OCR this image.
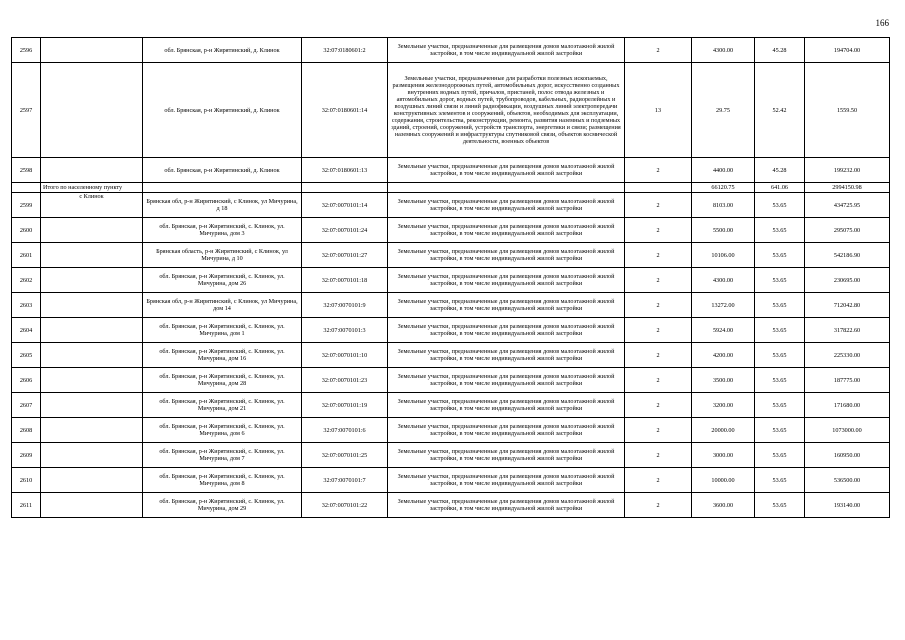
166
2596		обл. Брянская, р-н Жирятинский, д. Клинок	32:07:0180601:2	Земельные участки, предназначенные для размещения домов малоэтажной жилой застройки, в том числе индивидуальной жилой застройки	2	4300.00	45.28	194704.00
2597		обл. Брянская, р-н Жирятинский, д. Клинок	32:07:0180601:14	Земельные участки, предназначенные для разработки полезных ископаемых, размещения железнодорожных путей, автомобильных дорог, искусственно созданных внутренних водных путей, причалов, пристаней, полос отвода железных и автомобильных дорог, водных путей, трубопроводов, кабельных, радиорелейных и воздушных линий связи и линий радиофикации, воздушных линий электропередачи конструктивных элементов и сооружений, объектов, необходимых для эксплуатации, содержания, строительства, реконструкции, ремонта, развития наземных и подземных зданий, строений, сооружений, устройств транспорта, энергетики и связи; размещения наземных сооружений и инфраструктуры спутниковой связи, объектов космической деятельности, военных объектов	13	29.75	52.42	1559.50
2598		обл. Брянская, р-н Жирятинский, д. Клинок	32:07:0180601:13	Земельные участки, предназначенные для размещения домов малоэтажной жилой застройки, в том числе индивидуальной жилой застройки	2	4400.00	45.28	199232.00
	Итого по населенному пункту					66120.75	641.06	2994150.98
2599	с Клинок	Брянская обл, р-н Жирятинский, с Клинок, ул Мичурина, д 18	32:07:0070101:14	Земельные участки, предназначенные для размещения домов малоэтажной жилой застройки, в том числе индивидуальной жилой застройки	2	8103.00	53.65	434725.95
2600		обл. Брянская, р-н Жирятинский, с. Клинок, ул. Мичурина, дом 3	32:07:0070101:24	Земельные участки, предназначенные для размещения домов малоэтажной жилой застройки, в том числе индивидуальной жилой застройки	2	5500.00	53.65	295075.00
2601		Брянская область, р-н Жирятинский, с Клинок, ул Мичурина, д 10	32:07:0070101:27	Земельные участки, предназначенные для размещения домов малоэтажной жилой застройки, в том числе индивидуальной жилой застройки	2	10106.00	53.65	542186.90
2602		обл. Брянская, р-н Жирятинский, с. Клинок, ул. Мичурина, дом 26	32:07:0070101:18	Земельные участки, предназначенные для размещения домов малоэтажной жилой застройки, в том числе индивидуальной жилой застройки	2	4300.00	53.65	230695.00
2603		Брянская обл, р-н Жирятинский, с Клинок, ул Мичурина, дом 14	32:07:0070101:9	Земельные участки, предназначенные для размещения домов малоэтажной жилой застройки, в том числе индивидуальной жилой застройки	2	13272.00	53.65	712042.80
2604		обл. Брянская, р-н Жирятинский, с. Клинок, ул. Мичурина, дом 1	32:07:0070101:3	Земельные участки, предназначенные для размещения домов малоэтажной жилой застройки, в том числе индивидуальной жилой застройки	2	5924.00	53.65	317822.60
2605		обл. Брянская, р-н Жирятинский, с. Клинок, ул. Мичурина, дом 16	32:07:0070101:10	Земельные участки, предназначенные для размещения домов малоэтажной жилой застройки, в том числе индивидуальной жилой застройки	2	4200.00	53.65	225330.00
2606		обл. Брянская, р-н Жирятинский, с. Клинок, ул. Мичурина, дом 28	32:07:0070101:23	Земельные участки, предназначенные для размещения домов малоэтажной жилой застройки, в том числе индивидуальной жилой застройки	2	3500.00	53.65	187775.00
2607		обл. Брянская, р-н Жирятинский, с. Клинок, ул. Мичурина, дом 21	32:07:0070101:19	Земельные участки, предназначенные для размещения домов малоэтажной жилой застройки, в том числе индивидуальной жилой застройки	2	3200.00	53.65	171680.00
2608		обл. Брянская, р-н Жирятинский, с. Клинок, ул. Мичурина, дом 6	32:07:0070101:6	Земельные участки, предназначенные для размещения домов малоэтажной жилой застройки, в том числе индивидуальной жилой застройки	2	20000.00	53.65	1073000.00
2609		обл. Брянская, р-н Жирятинский, с. Клинок, ул. Мичурина, дом 7	32:07:0070101:25	Земельные участки, предназначенные для размещения домов малоэтажной жилой застройки, в том числе индивидуальной жилой застройки	2	3000.00	53.65	160950.00
2610		обл. Брянская, р-н Жирятинский, с. Клинок, ул. Мичурина, дом 8	32:07:0070101:7	Земельные участки, предназначенные для размещения домов малоэтажной жилой застройки, в том числе индивидуальной жилой застройки	2	10000.00	53.65	536500.00
2611		обл. Брянская, р-н Жирятинский, с. Клинок, ул. Мичурина, дом 29	32:07:0070101:22	Земельные участки, предназначенные для размещения домов малоэтажной жилой застройки, в том числе индивидуальной жилой застройки	2	3600.00	53.65	193140.00
